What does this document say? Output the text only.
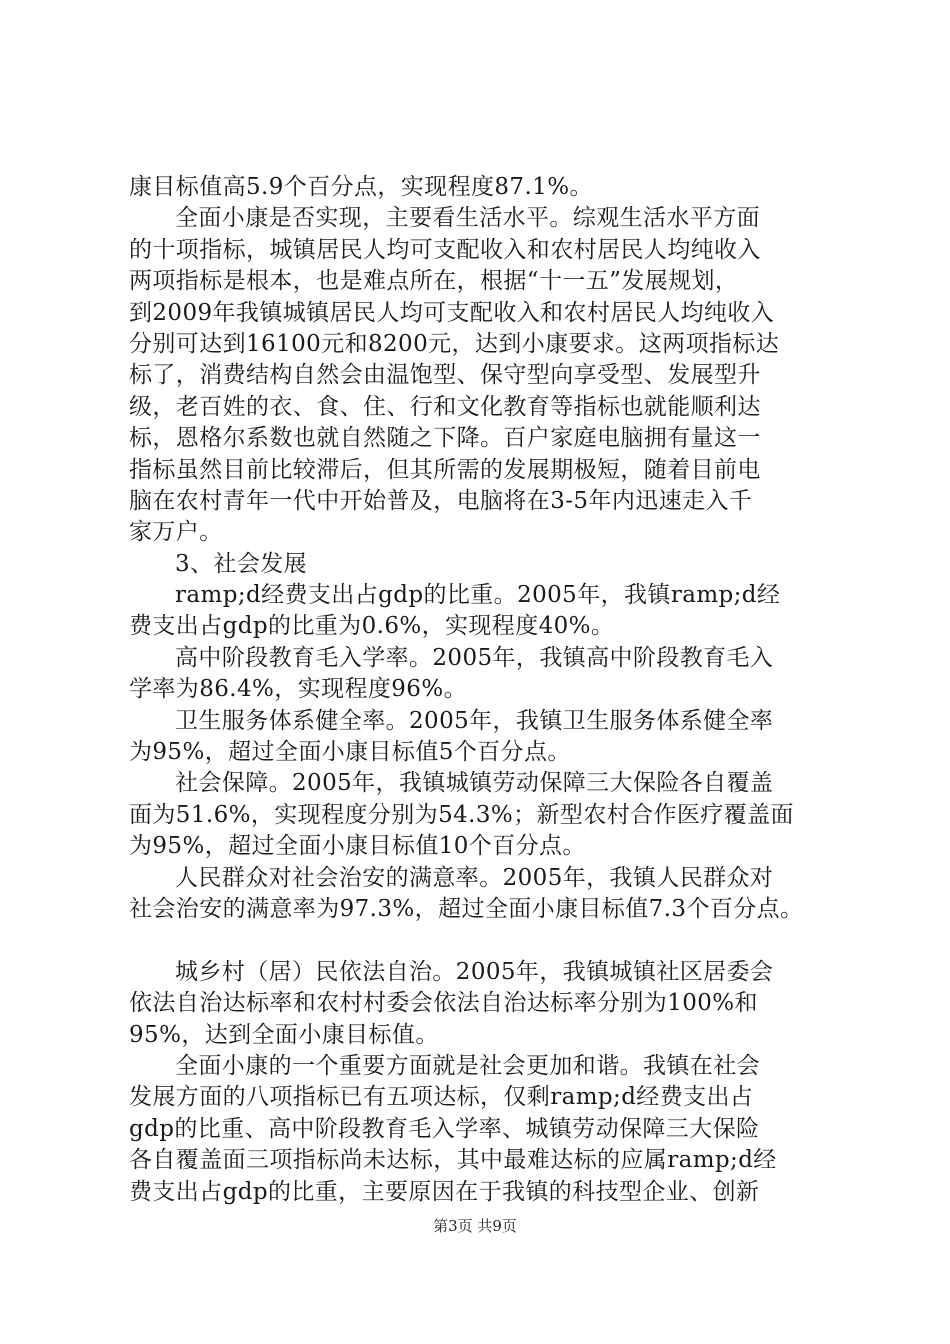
康目标值高5.9个百分点，实现程度87.1%。
全面小康是否实现，主要看生活水平。综观生活水平方面
的十项指标，城镇居民人均可支配收入和农村居民人均纯收入
两项指标是根本，也是难点所在，根据“十一五”发展规划，
到2009年我镇城镇居民人均可支配收入和农村居民人均纯收入
分别可达到16100元和8200元，达到小康要求。这两项指标达
标了，消费结构自然会由温饱型、保守型向享受型、发展型升
级，老百姓的衣、食、住、行和文化教育等指标也就能顺利达
标，恩格尔系数也就自然随之下降。百户家庭电脑拥有量这一
指标虽然目前比较滞后，但其所需的发展期极短，随着目前电
脑在农村青年一代中开始普及，电脑将在3-5年内迅速走入千
家万户。
3、社会发展
ramp;d经费支出占gdp的比重。2005年，我镇ramp;d经
费支出占gdp的比重为0.6%，实现程度40%。
高中阶段教育毛入学率。2005年，我镇高中阶段教育毛入
学率为86.4%，实现程度96%。
卫生服务体系健全率。2005年，我镇卫生服务体系健全率
为95%，超过全面小康目标值5个百分点。
社会保障。2005年，我镇城镇劳动保障三大保险各自覆盖
面为51.6%，实现程度分别为54.3%；新型农村合作医疗覆盖面
为95%，超过全面小康目标值10个百分点。
人民群众对社会治安的满意率。2005年，我镇人民群众对
社会治安的满意率为97.3%，超过全面小康目标值7.3个百分点。
城乡村（居）民依法自治。2005年，我镇城镇社区居委会
依法自治达标率和农村村委会依法自治达标率分别为100%和
95%，达到全面小康目标值。
全面小康的一个重要方面就是社会更加和谐。我镇在社会
发展方面的八项指标已有五项达标，仅剩ramp;d经费支出占
gdp的比重、高中阶段教育毛入学率、城镇劳动保障三大保险
各自覆盖面三项指标尚未达标，其中最难达标的应属ramp;d经
费支出占gdp的比重，主要原因在于我镇的科技型企业、创新
第3页 共9页
